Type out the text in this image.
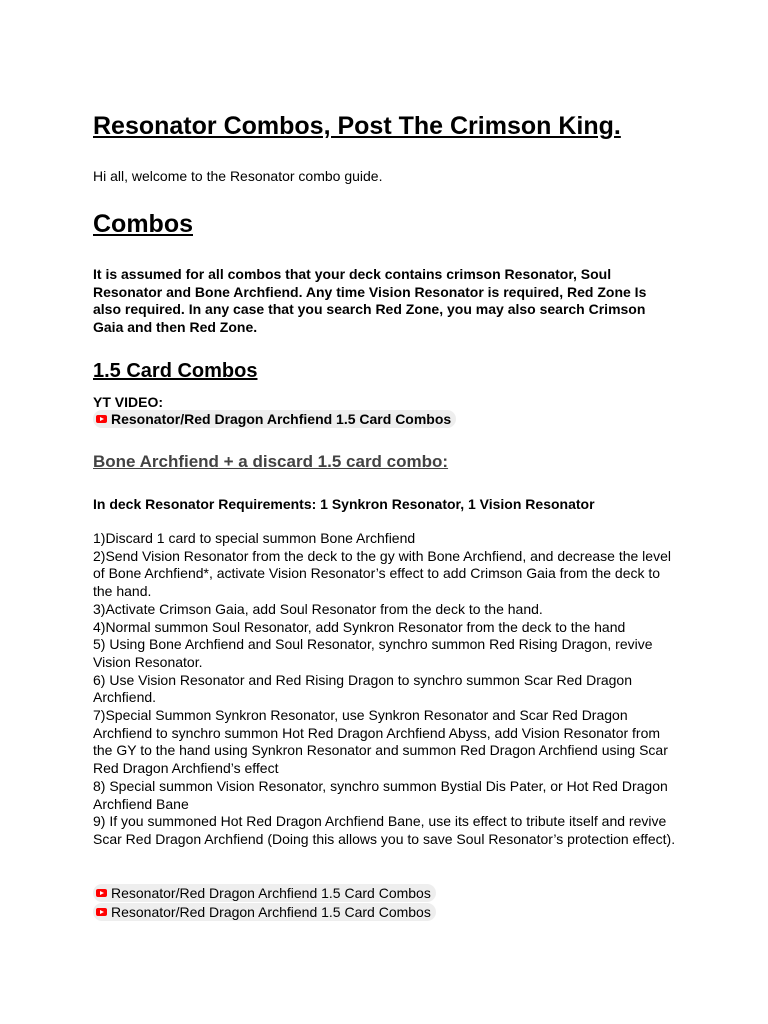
Resonator Combos, Post The Crimson King.

Hi all, welcome to the Resonator combo guide.

Combos

It is assumed for all combos that your deck contains crimson Resonator, Soul Resonator and Bone Archfiend. Any time Vision Resonator is required, Red Zone Is also required. In any case that you search Red Zone, you may also search Crimson Gaia and then Red Zone.

1.5 Card Combos

YT VIDEO:

Resonator/Red Dragon Archfiend 1.5 Card Combos
Bone Archfiend + a discard 1.5 card combo:

In deck Resonator Requirements: 1 Synkron Resonator, 1 Vision Resonator

1)Discard 1 card to special summon Bone Archfiend
2)Send Vision Resonator from the deck to the gy with Bone Archfiend, and decrease the level of Bone Archfiend*, activate Vision Resonator’s effect to add Crimson Gaia from the deck to the hand.
3)Activate Crimson Gaia, add Soul Resonator from the deck to the hand.
4)Normal summon Soul Resonator, add Synkron Resonator from the deck to the hand
5) Using Bone Archfiend and Soul Resonator, synchro summon Red Rising Dragon, revive Vision Resonator.
6) Use Vision Resonator and Red Rising Dragon to synchro summon Scar Red Dragon Archfiend.
7)Special Summon Synkron Resonator, use Synkron Resonator and Scar Red Dragon Archfiend to synchro summon Hot Red Dragon Archfiend Abyss, add Vision Resonator from the GY to the hand using Synkron Resonator and summon Red Dragon Archfiend using Scar Red Dragon Archfiend’s effect
8) Special summon Vision Resonator, synchro summon Bystial Dis Pater, or Hot Red Dragon Archfiend Bane
9) If you summoned Hot Red Dragon Archfiend Bane, use its effect to tribute itself and revive Scar Red Dragon Archfiend (Doing this allows you to save Soul Resonator’s protection effect).
Resonator/Red Dragon Archfiend 1.5 Card Combos
Resonator/Red Dragon Archfiend 1.5 Card Combos
